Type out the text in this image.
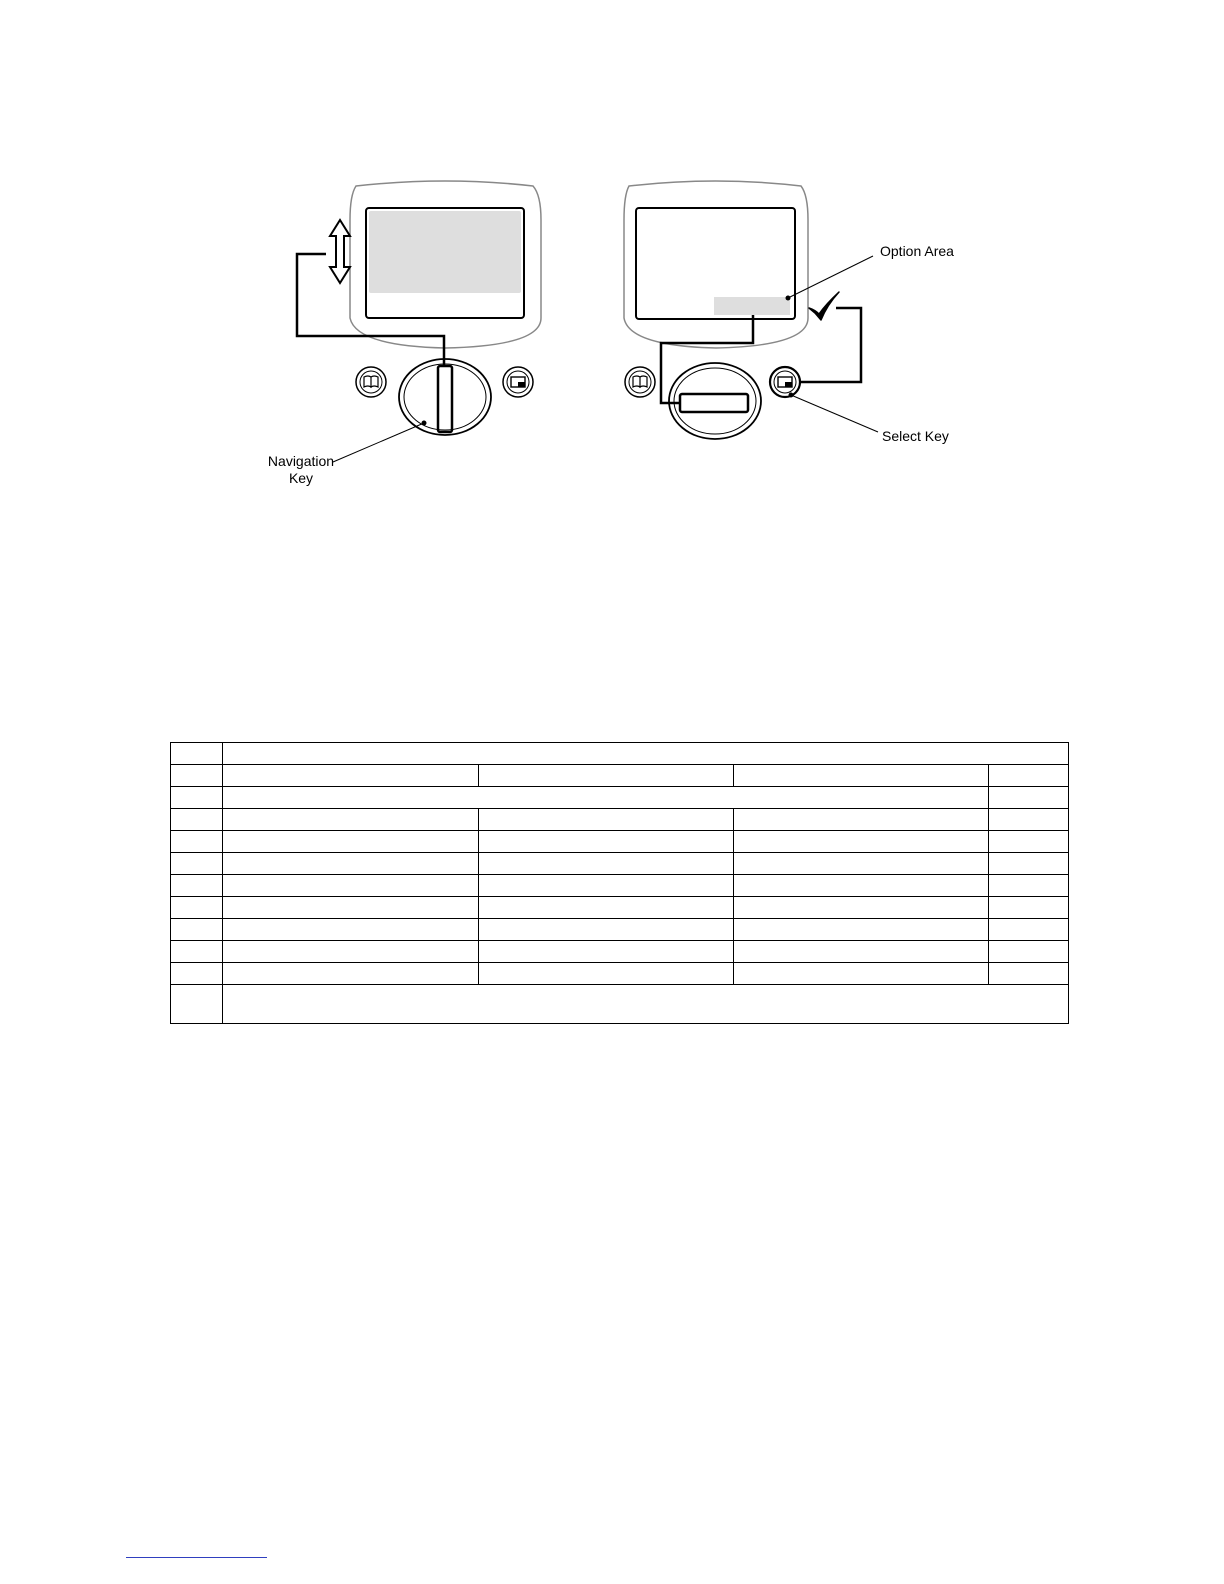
Navigation Key
Option Area
Select Key
